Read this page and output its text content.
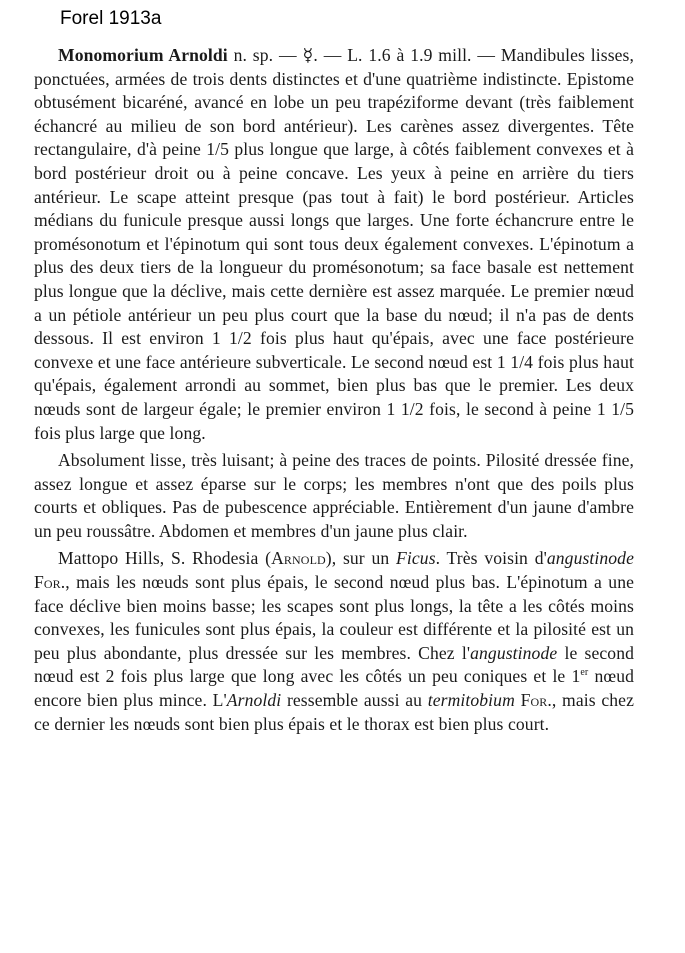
Forel 1913a

Monomorium Arnoldi n. sp. — ☿. — L. 1.6 à 1.9 mill. — Mandibules lisses, ponctuées, armées de trois dents distinctes et d'une quatrième indistincte. Epistome obtusément bicaréné, avancé en lobe un peu trapéziforme devant (très faiblement échancré au milieu de son bord antérieur). Les carènes assez divergentes. Tête rectangulaire, d'à peine 1/5 plus longue que large, à côtés faiblement convexes et à bord postérieur droit ou à peine concave. Les yeux à peine en arrière du tiers antérieur. Le scape atteint presque (pas tout à fait) le bord postérieur. Articles médians du funicule presque aussi longs que larges. Une forte échancrure entre le promésonotum et l'épinotum qui sont tous deux également convexes. L'épinotum a plus des deux tiers de la longueur du promésonotum; sa face basale est nettement plus longue que la déclive, mais cette dernière est assez marquée. Le premier nœud a un pétiole antérieur un peu plus court que la base du nœud; il n'a pas de dents dessous. Il est environ 1 1/2 fois plus haut qu'épais, avec une face postérieure convexe et une face antérieure subverticale. Le second nœud est 1 1/4 fois plus haut qu'épais, également arrondi au sommet, bien plus bas que le premier. Les deux nœuds sont de largeur égale; le premier environ 1 1/2 fois, le second à peine 1 1/5 fois plus large que long.

Absolument lisse, très luisant; à peine des traces de points. Pilosité dressée fine, assez longue et assez éparse sur le corps; les membres n'ont que des poils plus courts et obliques. Pas de pubescence appréciable. Entièrement d'un jaune d'ambre un peu roussâtre. Abdomen et membres d'un jaune plus clair.

Mattopo Hills, S. Rhodesia (Arnold), sur un Ficus. Très voisin d'angustinode For., mais les nœuds sont plus épais, le second nœud plus bas. L'épinotum a une face déclive bien moins basse; les scapes sont plus longs, la tête a les côtés moins convexes, les funicules sont plus épais, la couleur est différente et la pilosité est un peu plus abondante, plus dressée sur les membres. Chez l'angustinode le second nœud est 2 fois plus large que long avec les côtés un peu coniques et le 1er nœud encore bien plus mince. L'Arnoldi ressemble aussi au termitobium For., mais chez ce dernier les nœuds sont bien plus épais et le thorax est bien plus court.
